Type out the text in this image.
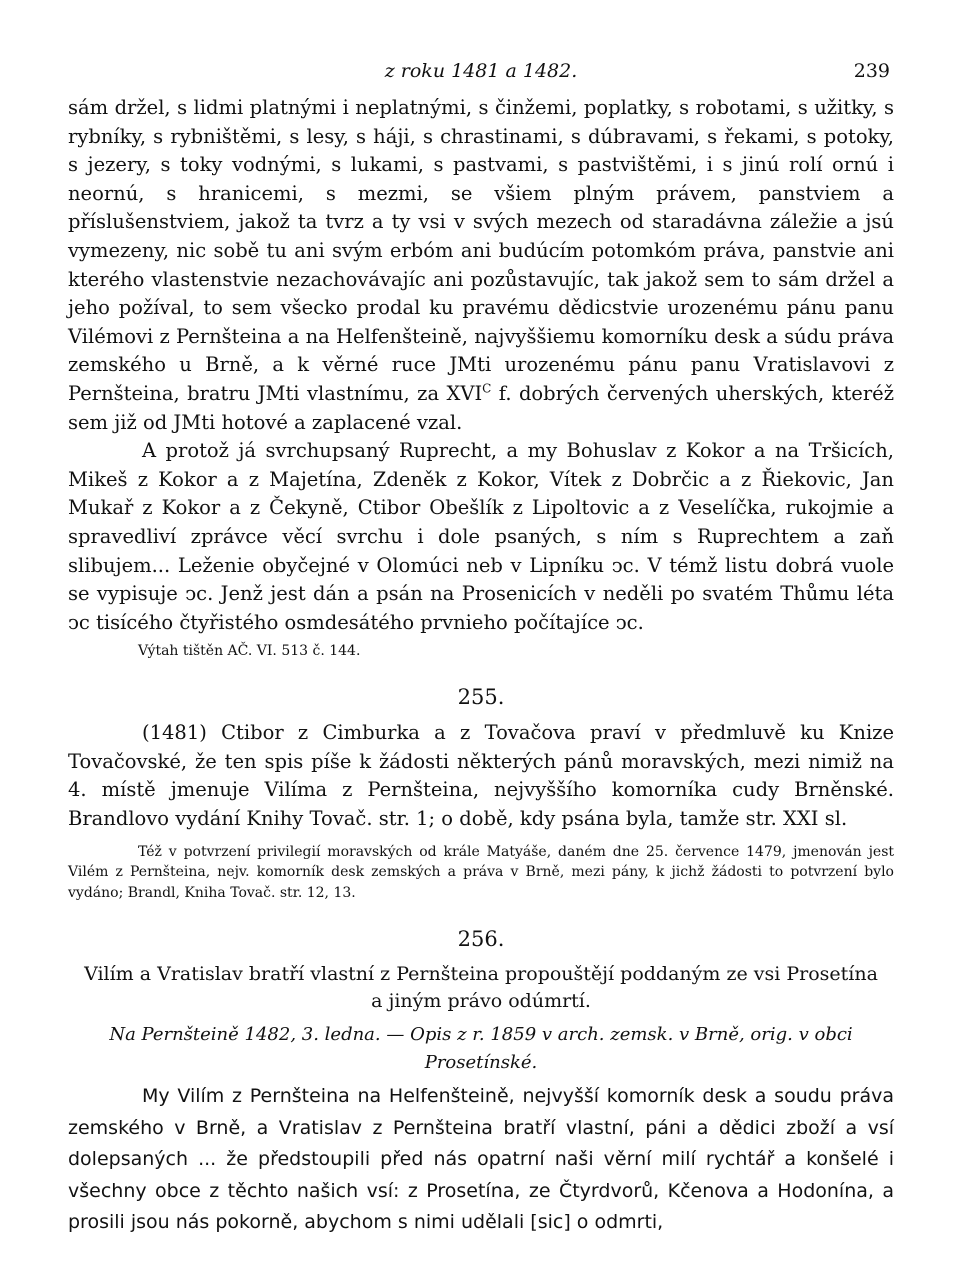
z roku 1481 a 1482.	239

sám držel, s lidmi platnými i neplatnými, s činžemi, poplatky, s robotami, s užitky, s rybníky, s rybništěmi, s lesy, s háji, s chrastinami, s dúbravami, s řekami, s potoky, s jezery, s toky vodnými, s lukami, s pastvami, s pastvištěmi, i s jinú rolí ornú i neornú, s hranicemi, s mezmi, se všiem plným právem, panstviem a příslušenstviem, jakož ta tvrz a ty vsi v svých mezech od staradávna záležie a jsú vymezeny, nic sobě tu ani svým erbóm ani budúcím potomkóm práva, panstvie ani kterého vlastenstvie nezachovávajíc ani pozůstavujíc, tak jakož sem to sám držel a jeho požíval, to sem všecko prodal ku pravému dědicstvie urozenému pánu panu Vilémovi z Pernšteina a na Helfenšteině, najvyššiemu komorníku desk a súdu práva zemského u Brně, a k věrné ruce JMti urozenému pánu panu Vratislavovi z Pernšteina, bratru JMti vlastnímu, za $XVI^C$ f. dobrých červených uherských, kteréž sem již od JMti hotové a zaplacené vzal.

A protož já svrchupsaný Ruprecht, a my Bohuslav z Kokor a na Tršicích, Mikeš z Kokor a z Majetína, Zdeněk z Kokor, Vítek z Dobrčic a z Řiekovic, Jan Mukař z Kokor a z Čekyně, Ctibor Obešlík z Lipoltovic a z Veselíčka, rukojmie a spravedliví zprávce věcí svrchu i dole psaných, s ním s Ruprechtem a zaň slibujem... Leženie obyčejné v Olomúci neb v Lipníku ↄc. V témž listu dobrá vuole se vypisuje ↄc. Jenž jest dán a psán na Prosenicích v neděli po svatém Thůmu léta ↄc tisícého čtyřistého osmdesátého prvnieho počítajíce ↄc.

Výtah tištěn AČ. VI. 513 č. 144.

255.

(1481) Ctibor z Cimburka a z Tovačova praví v předmluvě ku Knize Tovačovské, že ten spis píše k žádosti některých pánů moravských, mezi nimiž na 4. místě jmenuje Vilíma z Pernšteina, nejvyššího komorníka cudy Brněnské. Brandlovo vydání Knihy Tovač. str. 1; o době, kdy psána byla, tamže str. XXI sl.

Též v potvrzení privilegií moravských od krále Matyáše, daném dne 25. července 1479, jmenován jest Vilém z Pernšteina, nejv. komorník desk zemských a práva v Brně, mezi pány, k jichž žádosti to potvrzení bylo vydáno; Brandl, Kniha Tovač. str. 12, 13.

256.

Vilím a Vratislav bratří vlastní z Pernšteina propouštějí poddaným ze vsi Prosetína a jiným právo odúmrtí.

Na Pernšteině 1482, 3. ledna. — Opis z r. 1859 v arch. zemsk. v Brně, orig. v obci Prosetínské.

My Vilím z Pernšteina na Helfenšteině, nejvyšší komorník desk a soudu práva zemského v Brně, a Vratislav z Pernšteina bratří vlastní, páni a dědici zboží a vsí dolepsaných ... že předstoupili před nás opatrní naši věrní milí rychtář a konšelé i všechny obce z těchto našich vsí: z Prosetína, ze Čtyrdvorů, Kčenova a Hodonína, a prosili jsou nás pokorně, abychom s nimi udělali [sic] o odmrti,
